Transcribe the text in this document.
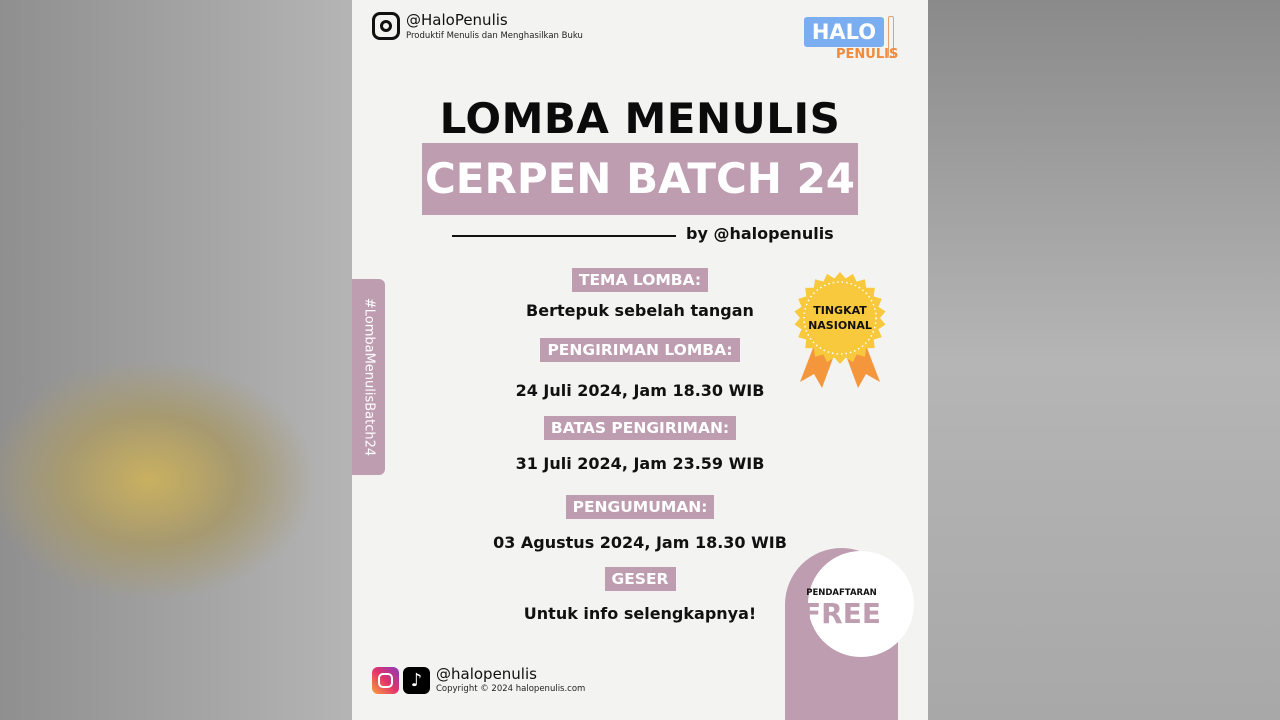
@HaloPenulis
Produktif Menulis dan Menghasilkan Buku	HALO
PENULIS
LOMBA MENULIS
CERPEN BATCH 24
by @halopenulis
#LombaMenulisBatch24
TEMA LOMBA:
Bertepuk sebelah tangan
PENGIRIMAN LOMBA:
24 Juli 2024, Jam 18.30 WIB
BATAS PENGIRIMAN:
31 Juli 2024, Jam 23.59 WIB
PENGUMUMAN:
03 Agustus 2024, Jam 18.30 WIB
GESER
Untuk info selengkapnya!
TINGKAT
NASIONAL
PENDAFTARAN
FREE
♪ @halopenulis
Copyright © 2024 halopenulis.com
